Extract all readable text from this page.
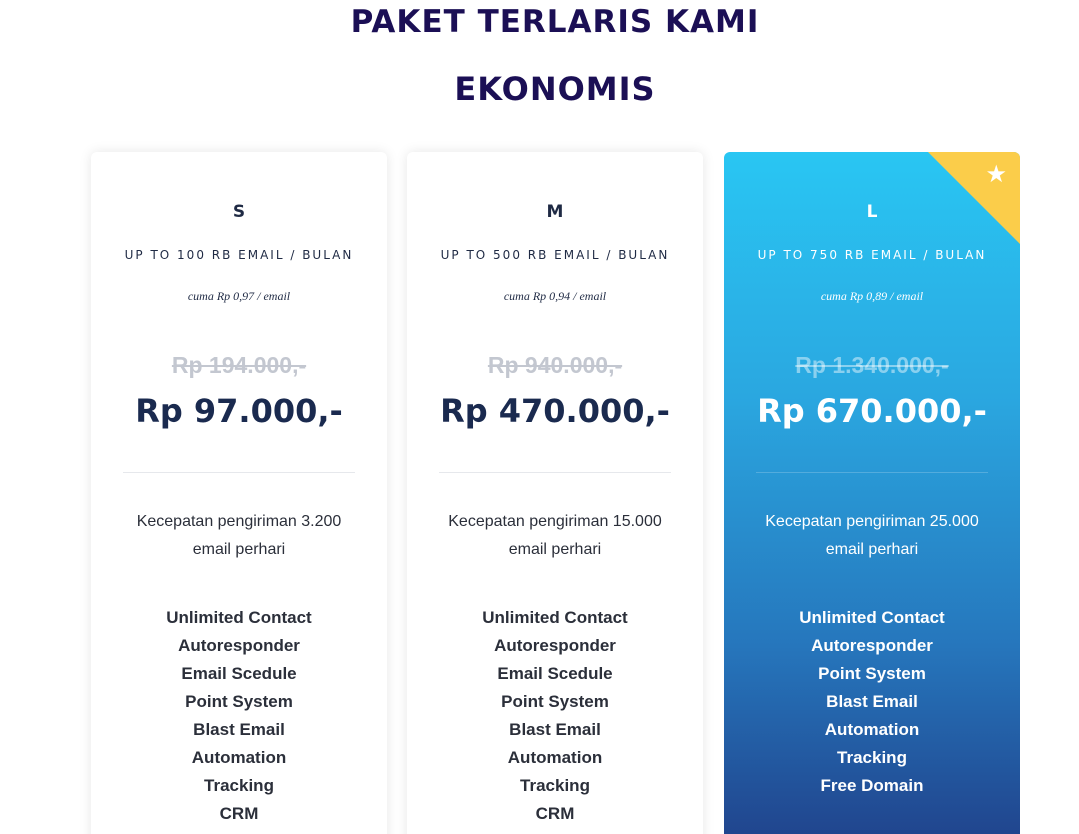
PAKET TERLARIS KAMI
EKONOMIS
S
UP TO 100 RB EMAIL / BULAN
cuma Rp 0,97 / email
Rp 194.000,-
Rp 97.000,-
Kecepatan pengiriman 3.200 email perhari
Unlimited Contact
Autoresponder
Email Scedule
Point System
Blast Email
Automation
Tracking
CRM
M
UP TO 500 RB EMAIL / BULAN
cuma Rp 0,94 / email
Rp 940.000,-
Rp 470.000,-
Kecepatan pengiriman 15.000 email perhari
Unlimited Contact
Autoresponder
Email Scedule
Point System
Blast Email
Automation
Tracking
CRM
★
L
UP TO 750 RB EMAIL / BULAN
cuma Rp 0,89 / email
Rp 1.340.000,-
Rp 670.000,-
Kecepatan pengiriman 25.000 email perhari
Unlimited Contact
Autoresponder
Point System
Blast Email
Automation
Tracking
Free Domain
